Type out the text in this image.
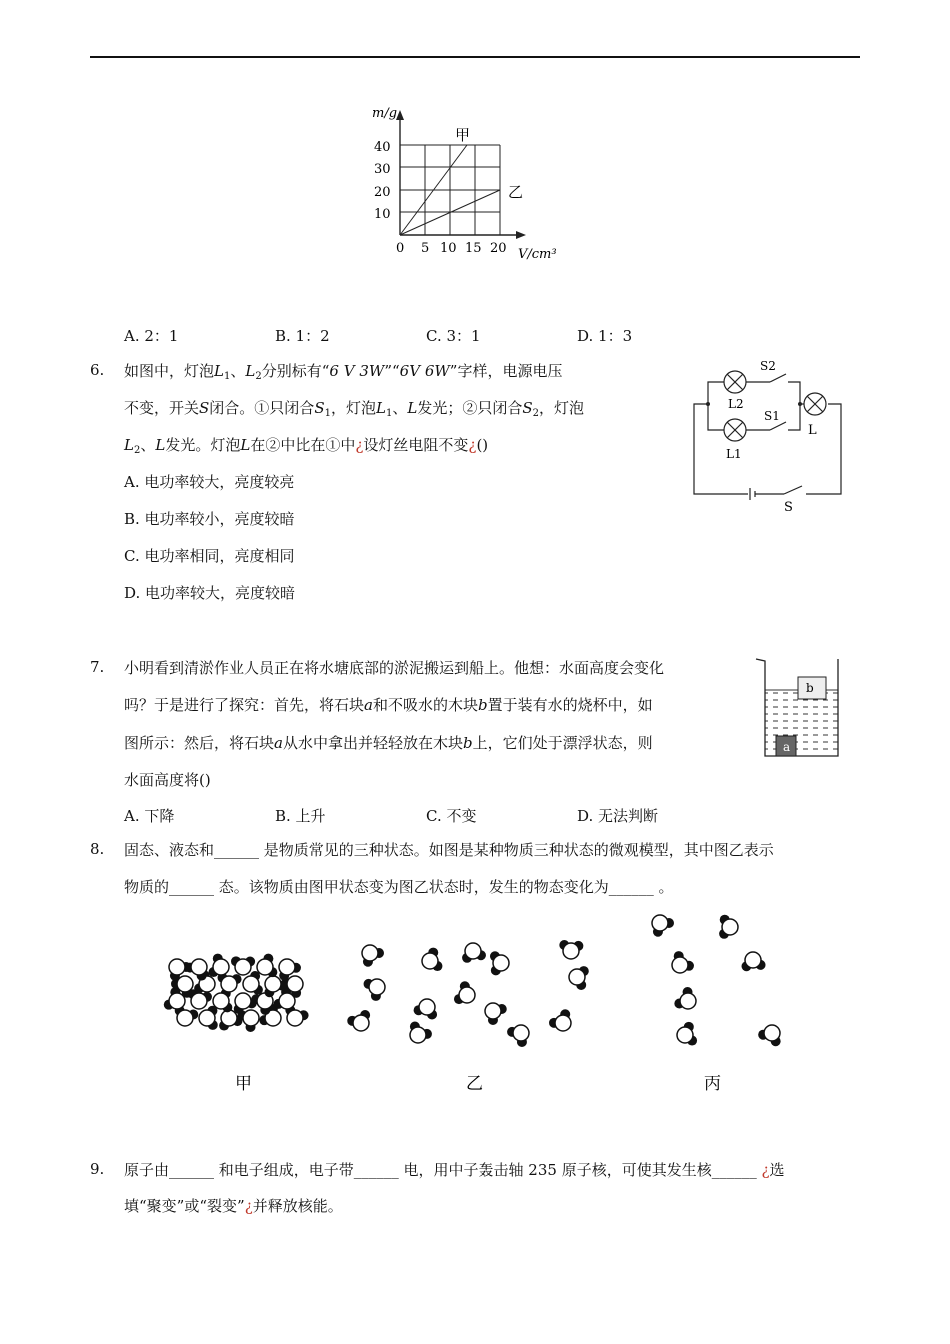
m/g
40
30
20
10
0 5 10 15 20 V/cm³
甲
乙
A. 2：1	B. 1：2	C. 3：1	D. 1：3
6. 如图中，灯泡$L_1$、$L_2$分别标有“6 V 3W”“6V 6W”字样，电源电压
不变，开关S闭合。①只闭合$S_1$，灯泡$L_1$、L发光；②只闭合$S_2$，灯泡
$L_2$、L发光。灯泡L在②中比在①中¿设灯丝电阻不变¿()
A. 电功率较大，亮度较亮
B. 电功率较小，亮度较暗
C. 电功率相同，亮度相同
D. 电功率较大，亮度较暗
S2
L2
S1
L1
L
S
7. 小明看到清淤作业人员正在将水塘底部的淤泥搬运到船上。他想：水面高度会变化
吗？于是进行了探究：首先，将石块a和不吸水的木块b置于装有水的烧杯中，如
图所示：然后，将石块a从水中拿出并轻轻放在木块b上，它们处于漂浮状态，则
水面高度将()
A. 下降	B. 上升	C. 不变	D. 无法判断
b
a
8. 固态、液态和______ 是物质常见的三种状态。如图是某种物质三种状态的微观模型，其中图乙表示
物质的______ 态。该物质由图甲状态变为图乙状态时，发生的物态变化为______ 。
甲	乙	丙
9. 原子由______ 和电子组成，电子带______ 电，用中子轰击轴 235 原子核，可使其发生核______ ¿选
填“聚变”或“裂变”¿并释放核能。
